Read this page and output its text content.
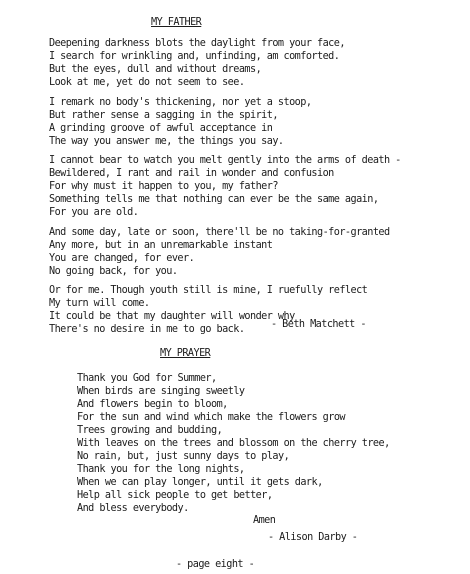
MY FATHER
Deepening darkness blots the daylight from your face,
I search for wrinkling and, unfinding, am comforted.
But the eyes, dull and without dreams,
Look at me, yet do not seem to see.
I remark no body's thickening, nor yet a stoop,
But rather sense a sagging in the spirit,
A grinding groove of awful acceptance in
The way you answer me, the things you say.
I cannot bear to watch you melt gently into the arms of death -
Bewildered, I rant and rail in wonder and confusion
For why must it happen to you, my father?
Something tells me that nothing can ever be the same again,
For you are old.
And some day, late or soon, there'll be no taking-for-granted
Any more, but in an unremarkable instant
You are changed, for ever.
No going back, for you.
Or for me. Though youth still is mine, I ruefully reflect
My turn will come.
It could be that my daughter will wonder why
There's no desire in me to go back.	- Beth Matchett -
MY PRAYER
Thank you God for Summer,
When birds are singing sweetly
And flowers begin to bloom,
For the sun and wind which make the flowers grow
Trees growing and budding,
With leaves on the trees and blossom on the cherry tree,
No rain, but, just sunny days to play,
Thank you for the long nights,
When we can play longer, until it gets dark,
Help all sick people to get better,
And bless everybody.
Amen
- Alison Darby -
- page eight -
